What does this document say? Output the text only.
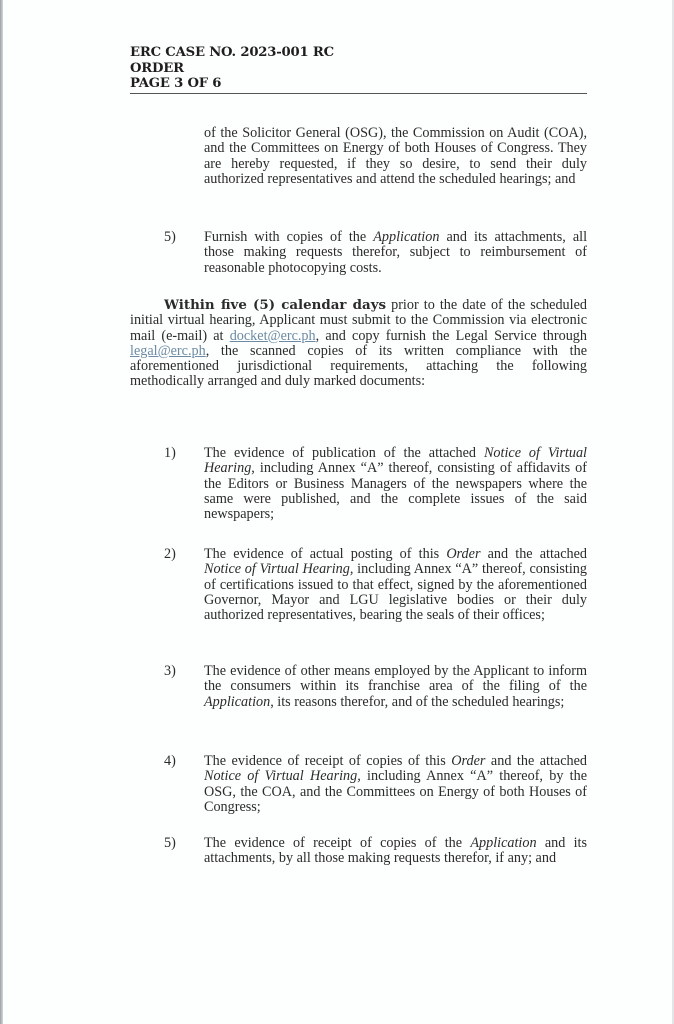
ERC CASE NO. 2023-001 RC
ORDER
PAGE 3 OF 6
of the Solicitor General (OSG), the Commission on Audit (COA), and the Committees on Energy of both Houses of Congress. They are hereby requested, if they so desire, to send their duly authorized representatives and attend the scheduled hearings; and
5)	Furnish with copies of the Application and its attachments, all those making requests therefor, subject to reimbursement of reasonable photocopying costs.
Within five (5) calendar days prior to the date of the scheduled initial virtual hearing, Applicant must submit to the Commission via electronic mail (e-mail) at docket@erc.ph, and copy furnish the Legal Service through legal@erc.ph, the scanned copies of its written compliance with the aforementioned jurisdictional requirements, attaching the following methodically arranged and duly marked documents:
1)	The evidence of publication of the attached Notice of Virtual Hearing, including Annex “A” thereof, consisting of affidavits of the Editors or Business Managers of the newspapers where the same were published, and the complete issues of the said newspapers;
2)	The evidence of actual posting of this Order and the attached Notice of Virtual Hearing, including Annex “A” thereof, consisting of certifications issued to that effect, signed by the aforementioned Governor, Mayor and LGU legislative bodies or their duly authorized representatives, bearing the seals of their offices;
3)	The evidence of other means employed by the Applicant to inform the consumers within its franchise area of the filing of the Application, its reasons therefor, and of the scheduled hearings;
4)	The evidence of receipt of copies of this Order and the attached Notice of Virtual Hearing, including Annex “A” thereof, by the OSG, the COA, and the Committees on Energy of both Houses of Congress;
5)	The evidence of receipt of copies of the Application and its attachments, by all those making requests therefor, if any; and
